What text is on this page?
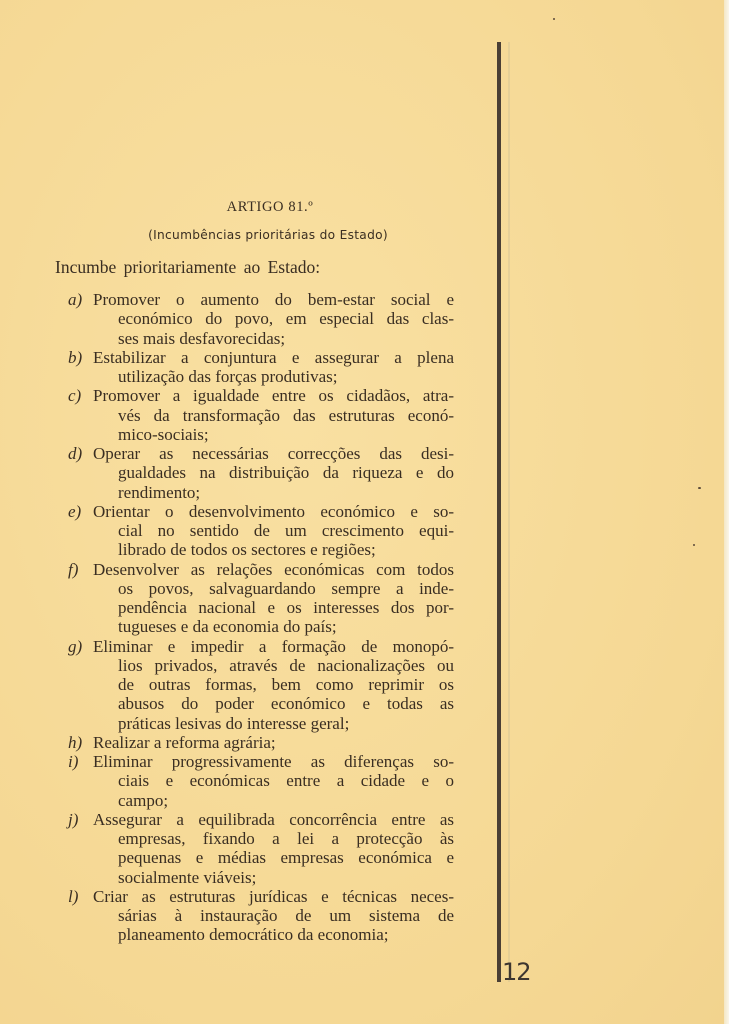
ARTIGO 81.º
(Incumbências prioritárias do Estado)
Incumbe prioritariamente ao Estado:
a) Promover o aumento do bem-estar social e
económico do povo, em especial das clas-
ses mais desfavorecidas;
b) Estabilizar a conjuntura e assegurar a plena
utilização das forças produtivas;
c) Promover a igualdade entre os cidadãos, atra-
vés da transformação das estruturas econó-
mico-sociais;
d) Operar as necessárias correcções das desi-
gualdades na distribuição da riqueza e do
rendimento;
e) Orientar o desenvolvimento económico e so-
cial no sentido de um crescimento equi-
librado de todos os sectores e regiões;
f) Desenvolver as relações económicas com todos
os povos, salvaguardando sempre a inde-
pendência nacional e os interesses dos por-
tugueses e da economia do país;
g) Eliminar e impedir a formação de monopó-
lios privados, através de nacionalizações ou
de outras formas, bem como reprimir os
abusos do poder económico e todas as
práticas lesivas do interesse geral;
h) Realizar a reforma agrária;
i) Eliminar progressivamente as diferenças so-
ciais e económicas entre a cidade e o
campo;
j) Assegurar a equilibrada concorrência entre as
empresas, fixando a lei a protecção às
pequenas e médias empresas económica e
socialmente viáveis;
l) Criar as estruturas jurídicas e técnicas neces-
sárias à instauração de um sistema de
planeamento democrático da economia;
12
